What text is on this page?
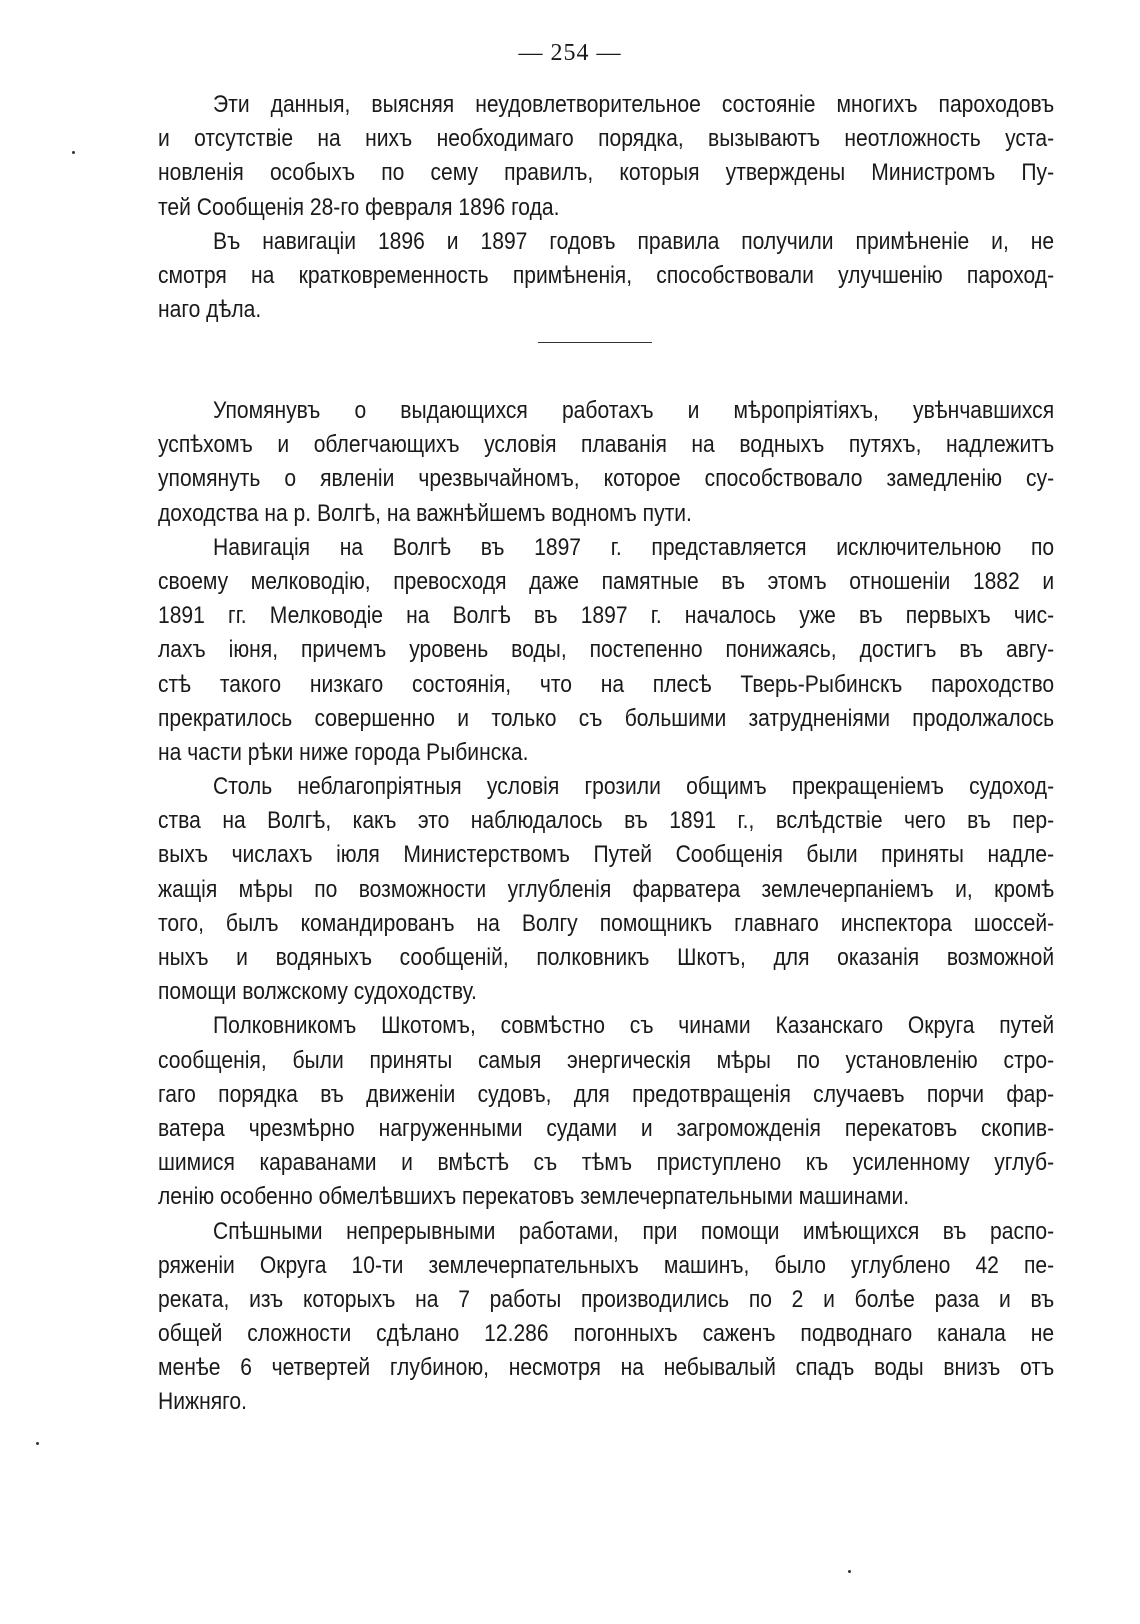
— 254 —
Эти данныя, выясняя неудовлетворительное состояніе многихъ пароходовъ
и отсутствіе на нихъ необходимаго порядка, вызываютъ неотложность уста-
новленія особыхъ по сему правилъ, которыя утверждены Министромъ Пу-
тей Сообщенія 28-го февраля 1896 года.
Въ навигаціи 1896 и 1897 годовъ правила получили примѣненіе и, не
смотря на кратковременность примѣненія, способствовали улучшенію пароход-
наго дѣла.
Упомянувъ о выдающихся работахъ и мѣропріятіяхъ, увѣнчавшихся
успѣхомъ и облегчающихъ условія плаванія на водныхъ путяхъ, надлежитъ
упомянуть о явленіи чрезвычайномъ, которое способствовало замедленію су-
доходства на р. Волгѣ, на важнѣйшемъ водномъ пути.
Навигація на Волгѣ въ 1897 г. представляется исключительною по
своему мелководію, превосходя даже памятные въ этомъ отношеніи 1882 и
1891 гг. Мелководіе на Волгѣ въ 1897 г. началось уже въ первыхъ чис-
лахъ іюня, причемъ уровень воды, постепенно понижаясь, достигъ въ авгу-
стѣ такого низкаго состоянія, что на плесѣ Тверь-Рыбинскъ пароходство
прекратилось совершенно и только съ большими затрудненіями продолжалось
на части рѣки ниже города Рыбинска.
Столь неблагопріятныя условія грозили общимъ прекращеніемъ судоход-
ства на Волгѣ, какъ это наблюдалось въ 1891 г., вслѣдствіе чего въ пер-
выхъ числахъ іюля Министерствомъ Путей Сообщенія были приняты надле-
жащія мѣры по возможности углубленія фарватера землечерпаніемъ и, кромѣ
того, былъ командированъ на Волгу помощникъ главнаго инспектора шоссей-
ныхъ и водяныхъ сообщеній, полковникъ Шкотъ, для оказанія возможной
помощи волжскому судоходству.
Полковникомъ Шкотомъ, совмѣстно съ чинами Казанскаго Округа путей
сообщенія, были приняты самыя энергическія мѣры по установленію стро-
гаго порядка въ движеніи судовъ, для предотвращенія случаевъ порчи фар-
ватера чрезмѣрно нагруженными судами и загроможденія перекатовъ скопив-
шимися караванами и вмѣстѣ съ тѣмъ приступлено къ усиленному углуб-
ленію особенно обмелѣвшихъ перекатовъ землечерпательными машинами.
Спѣшными непрерывными работами, при помощи имѣющихся въ распо-
ряженіи Округа 10-ти землечерпательныхъ машинъ, было углублено 42 пе-
реката, изъ которыхъ на 7 работы производились по 2 и болѣе раза и въ
общей сложности сдѣлано 12.286 погонныхъ саженъ подводнаго канала не
менѣе 6 четвертей глубиною, несмотря на небывалый спадъ воды внизъ отъ
Нижняго.
